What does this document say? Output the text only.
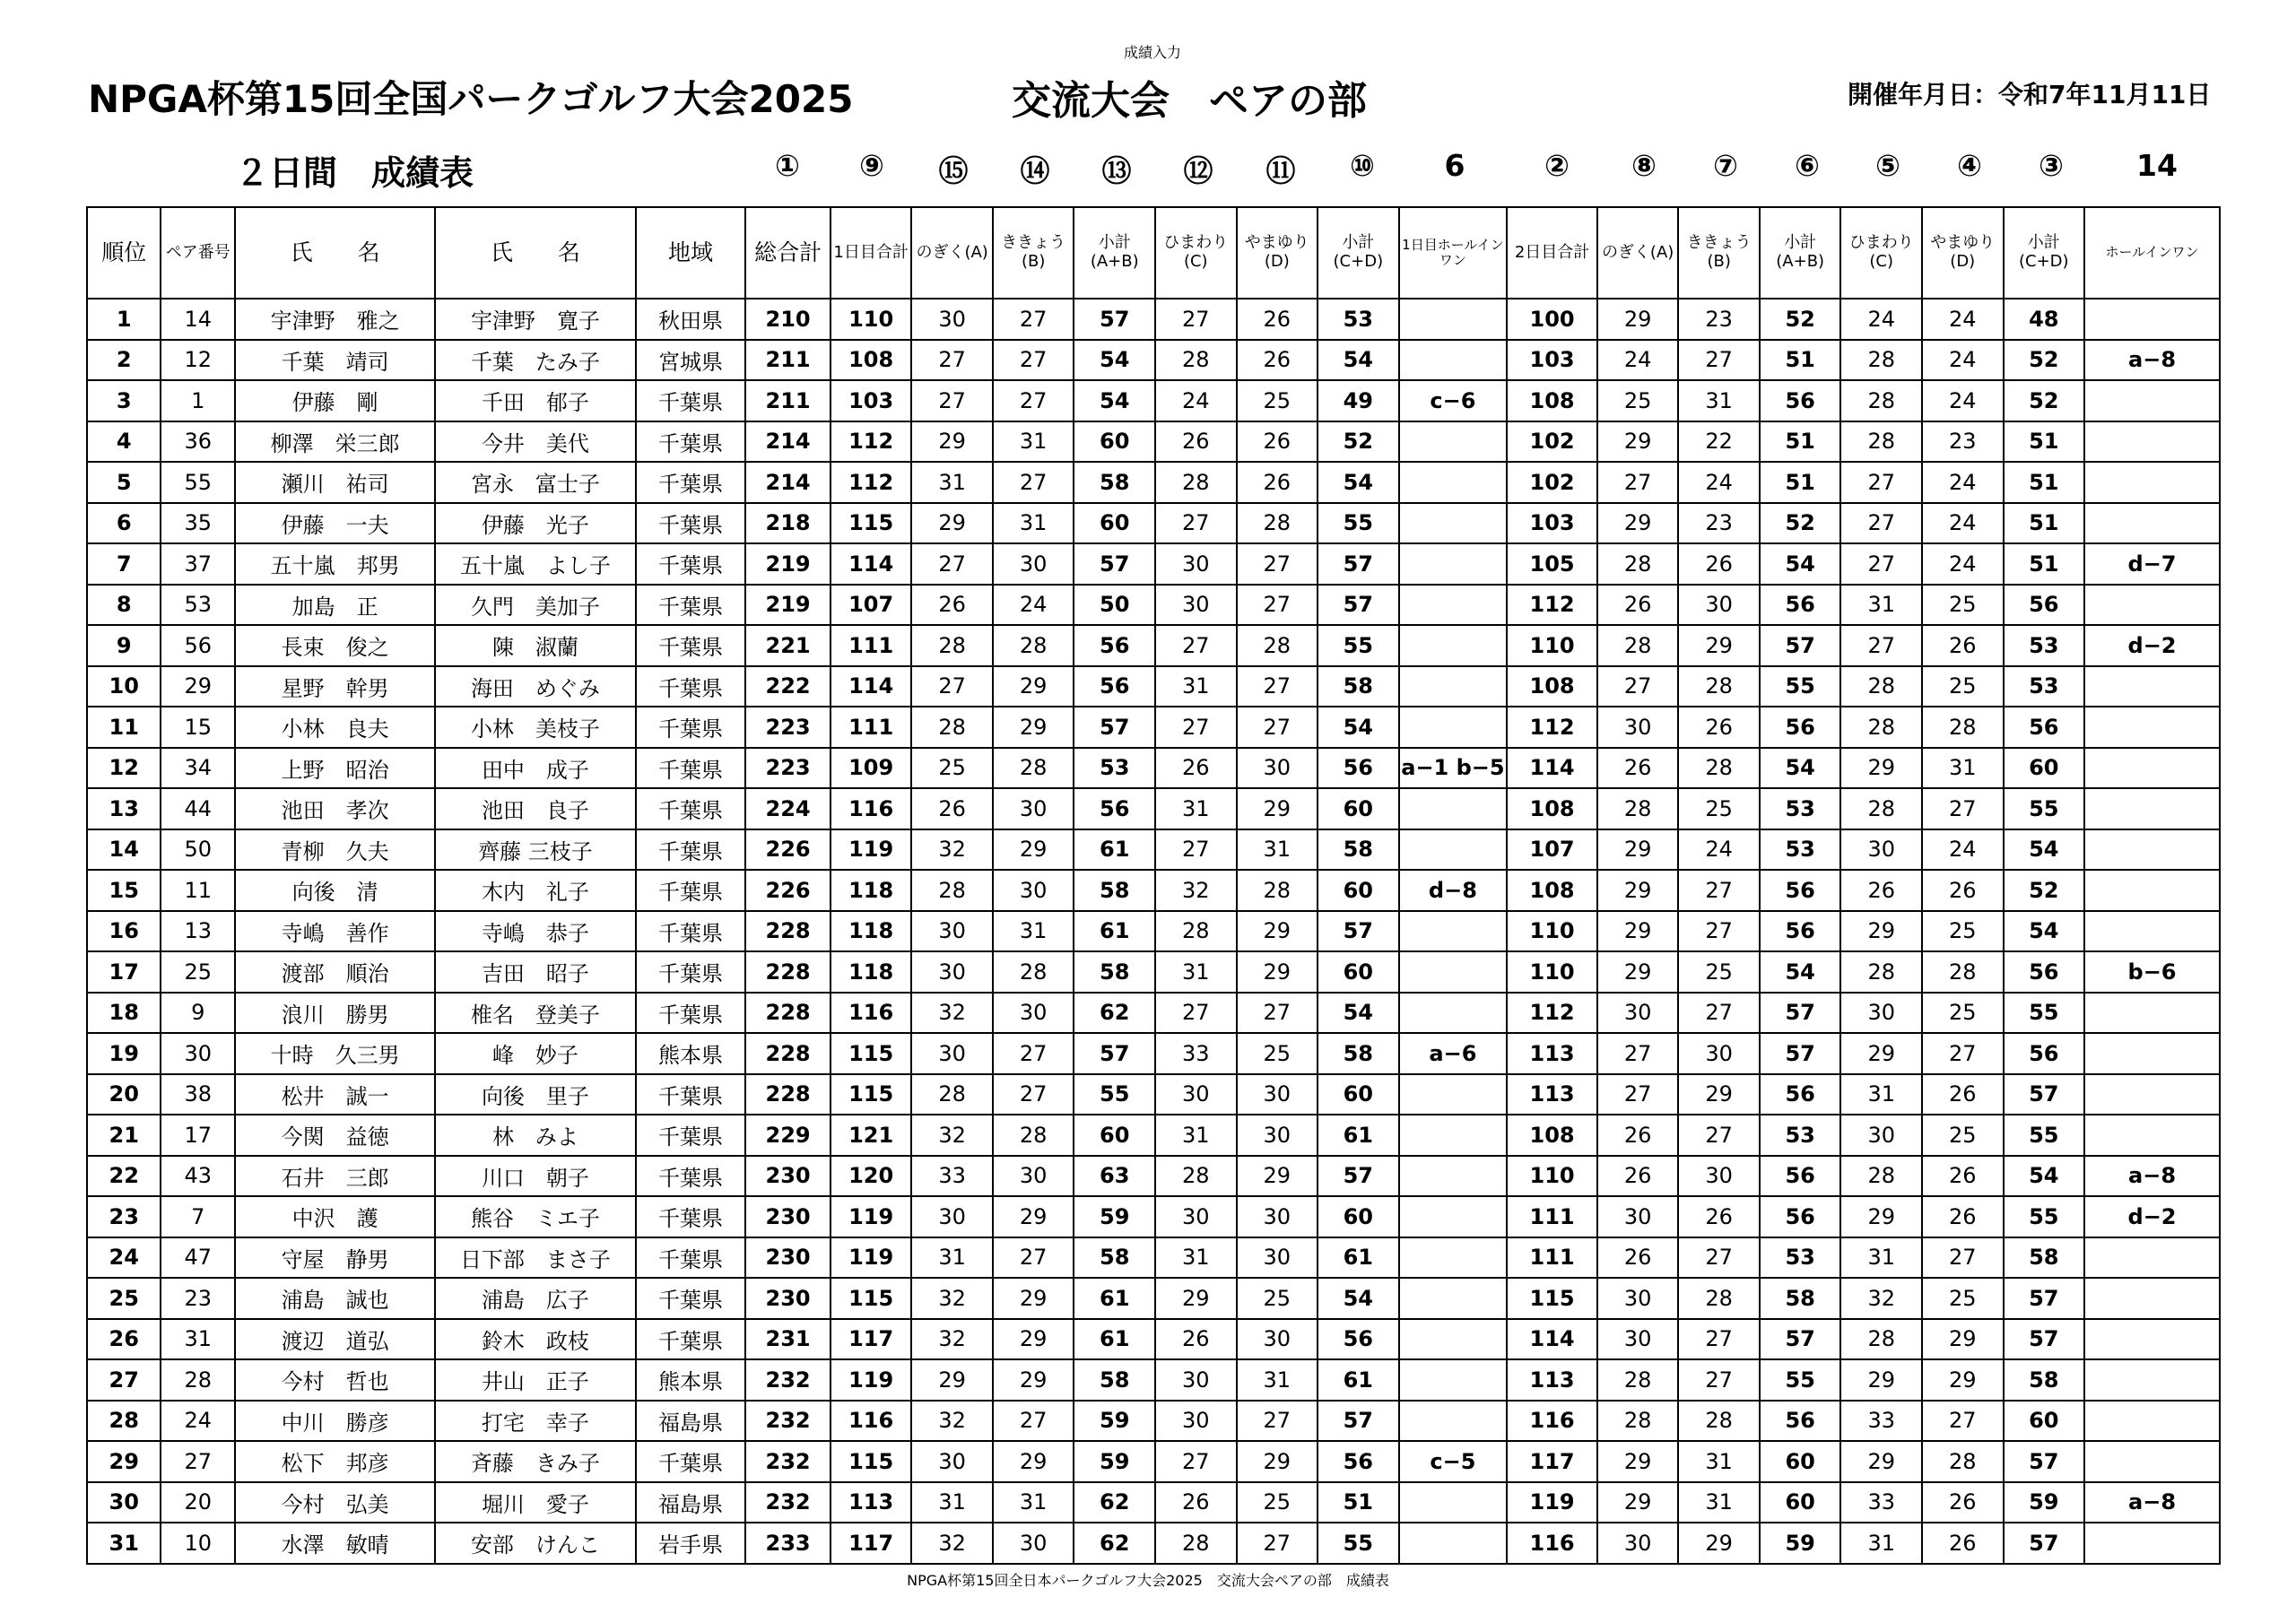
成績入力
NPGA杯第15回全国パークゴルフ大会2025	交流大会　ペアの部	開催年月日：令和7年11月11日
２日間　成績表	①	⑨	⑮	⑭	⑬	⑫	⑪	⑩	6	②	⑧	⑦	⑥	⑤	④	③	14
順位	ペア番号	氏　　名	氏　　名	地域	総合計	1日目合計	のぎく(A)	ききょう(B)	小計(A+B)	ひまわり(C)	やまゆり(D)	小計(C+D)	1日目ホールインワン	2日目合計	のぎく(A)	ききょう(B)	小計(A+B)	ひまわり(C)	やまゆり(D)	小計(C+D)	ホールインワン
1	14	宇津野　雅之	宇津野　寛子	秋田県	210	110	30	27	57	27	26	53		100	29	23	52	24	24	48	
2	12	千葉　靖司	千葉　たみ子	宮城県	211	108	27	27	54	28	26	54		103	24	27	51	28	24	52	a−8
3	1	伊藤　剛	千田　郁子	千葉県	211	103	27	27	54	24	25	49	c−6	108	25	31	56	28	24	52	
4	36	柳澤　栄三郎	今井　美代	千葉県	214	112	29	31	60	26	26	52		102	29	22	51	28	23	51	
5	55	瀬川　祐司	宮永　富士子	千葉県	214	112	31	27	58	28	26	54		102	27	24	51	27	24	51	
6	35	伊藤　一夫	伊藤　光子	千葉県	218	115	29	31	60	27	28	55		103	29	23	52	27	24	51	
7	37	五十嵐　邦男	五十嵐　よし子	千葉県	219	114	27	30	57	30	27	57		105	28	26	54	27	24	51	d−7
8	53	加島　正	久門　美加子	千葉県	219	107	26	24	50	30	27	57		112	26	30	56	31	25	56	
9	56	長束　俊之	陳　淑蘭	千葉県	221	111	28	28	56	27	28	55		110	28	29	57	27	26	53	d−2
10	29	星野　幹男	海田　めぐみ	千葉県	222	114	27	29	56	31	27	58		108	27	28	55	28	25	53	
11	15	小林　良夫	小林　美枝子	千葉県	223	111	28	29	57	27	27	54		112	30	26	56	28	28	56	
12	34	上野　昭治	田中　成子	千葉県	223	109	25	28	53	26	30	56	a−1 b−5	114	26	28	54	29	31	60	
13	44	池田　孝次	池田　良子	千葉県	224	116	26	30	56	31	29	60		108	28	25	53	28	27	55	
14	50	青柳　久夫	齊藤 三枝子	千葉県	226	119	32	29	61	27	31	58		107	29	24	53	30	24	54	
15	11	向後　清	木内　礼子	千葉県	226	118	28	30	58	32	28	60	d−8	108	29	27	56	26	26	52	
16	13	寺嶋　善作	寺嶋　恭子	千葉県	228	118	30	31	61	28	29	57		110	29	27	56	29	25	54	
17	25	渡部　順治	吉田　昭子	千葉県	228	118	30	28	58	31	29	60		110	29	25	54	28	28	56	b−6
18	9	浪川　勝男	椎名　登美子	千葉県	228	116	32	30	62	27	27	54		112	30	27	57	30	25	55	
19	30	十時　久三男	峰　妙子	熊本県	228	115	30	27	57	33	25	58	a−6	113	27	30	57	29	27	56	
20	38	松井　誠一	向後　里子	千葉県	228	115	28	27	55	30	30	60		113	27	29	56	31	26	57	
21	17	今関　益徳	林　みよ	千葉県	229	121	32	28	60	31	30	61		108	26	27	53	30	25	55	
22	43	石井　三郎	川口　朝子	千葉県	230	120	33	30	63	28	29	57		110	26	30	56	28	26	54	a−8
23	7	中沢　護	熊谷　ミエ子	千葉県	230	119	30	29	59	30	30	60		111	30	26	56	29	26	55	d−2
24	47	守屋　静男	日下部　まさ子	千葉県	230	119	31	27	58	31	30	61		111	26	27	53	31	27	58	
25	23	浦島　誠也	浦島　広子	千葉県	230	115	32	29	61	29	25	54		115	30	28	58	32	25	57	
26	31	渡辺　道弘	鈴木　政枝	千葉県	231	117	32	29	61	26	30	56		114	30	27	57	28	29	57	
27	28	今村　哲也	井山　正子	熊本県	232	119	29	29	58	30	31	61		113	28	27	55	29	29	58	
28	24	中川　勝彦	打宅　幸子	福島県	232	116	32	27	59	30	27	57		116	28	28	56	33	27	60	
29	27	松下　邦彦	斉藤　きみ子	千葉県	232	115	30	29	59	27	29	56	c−5	117	29	31	60	29	28	57	
30	20	今村　弘美	堀川　愛子	福島県	232	113	31	31	62	26	25	51		119	29	31	60	33	26	59	a−8
31	10	水澤　敏晴	安部　けんこ	岩手県	233	117	32	30	62	28	27	55		116	30	29	59	31	26	57	
NPGA杯第15回全日本パークゴルフ大会2025　交流大会ペアの部　成績表
